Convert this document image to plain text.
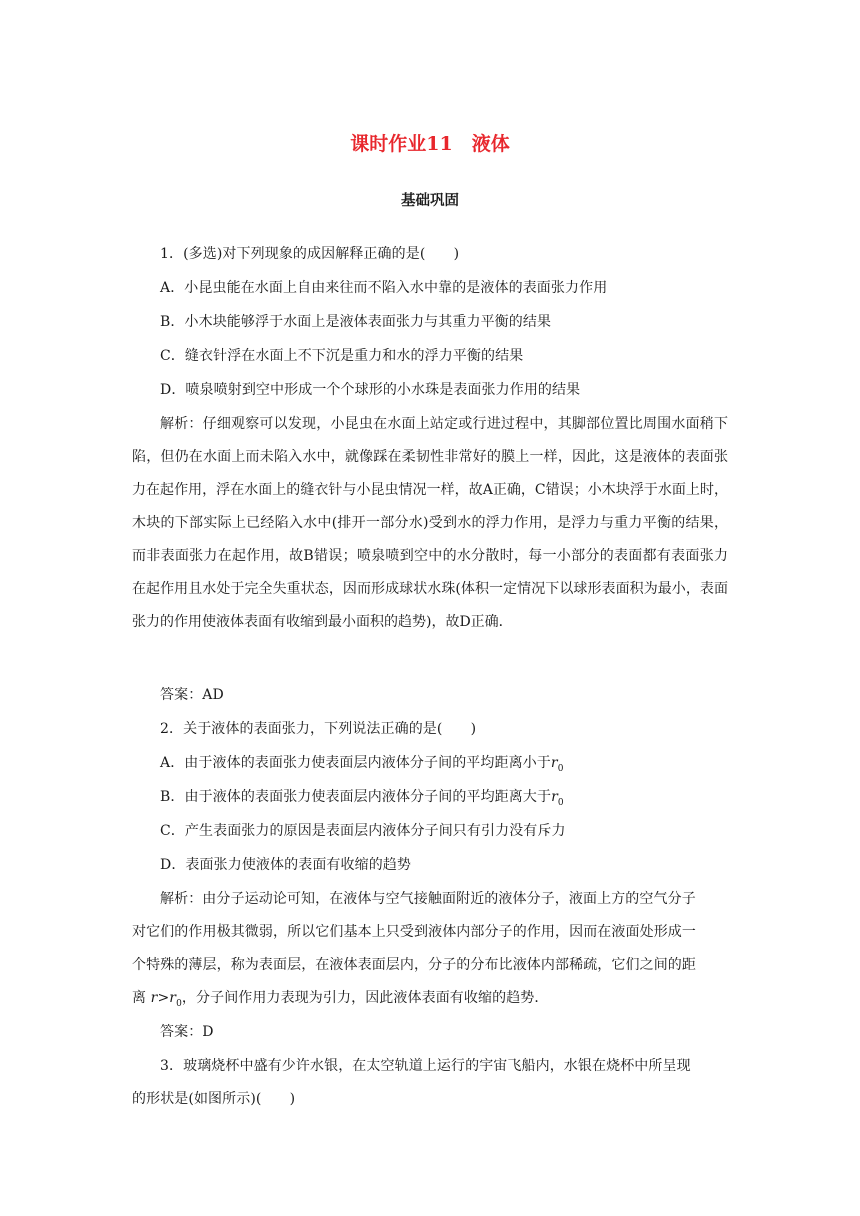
课时作业11　液体
基础巩固
1．(多选)对下列现象的成因解释正确的是(　　)
A．小昆虫能在水面上自由来往而不陷入水中靠的是液体的表面张力作用
B．小木块能够浮于水面上是液体表面张力与其重力平衡的结果
C．缝衣针浮在水面上不下沉是重力和水的浮力平衡的结果
D．喷泉喷射到空中形成一个个球形的小水珠是表面张力作用的结果

解析：仔细观察可以发现，小昆虫在水面上站定或行进过程中，其脚部位置比周围水面稍下陷，但仍在水面上而未陷入水中，就像踩在柔韧性非常好的膜上一样，因此，这是液体的表面张力在起作用，浮在水面上的缝衣针与小昆虫情况一样，故A正确，C错误；小木块浮于水面上时，木块的下部实际上已经陷入水中(排开一部分水)受到水的浮力作用，是浮力与重力平衡的结果，而非表面张力在起作用，故B错误；喷泉喷到空中的水分散时，每一小部分的表面都有表面张力在起作用且水处于完全失重状态，因而形成球状水珠(体积一定情况下以球形表面积为最小，表面张力的作用使液体表面有收缩到最小面积的趋势)，故D正确．

答案：AD
2．关于液体的表面张力，下列说法正确的是(　　)
A．由于液体的表面张力使表面层内液体分子间的平均距离小于$r_0$
B．由于液体的表面张力使表面层内液体分子间的平均距离大于$r_0$
C．产生表面张力的原因是表面层内液体分子间只有引力没有斥力
D．表面张力使液体的表面有收缩的趋势
解析：由分子运动论可知，在液体与空气接触面附近的液体分子，液面上方的空气分子
对它们的作用极其微弱，所以它们基本上只受到液体内部分子的作用，因而在液面处形成一
个特殊的薄层，称为表面层，在液体表面层内，分子的分布比液体内部稀疏，它们之间的距
离 $r>r_0$，分子间作用力表现为引力，因此液体表面有收缩的趋势．
答案：D
3．玻璃烧杯中盛有少许水银，在太空轨道上运行的宇宙飞船内，水银在烧杯中所呈现
的形状是(如图所示)(　　)
